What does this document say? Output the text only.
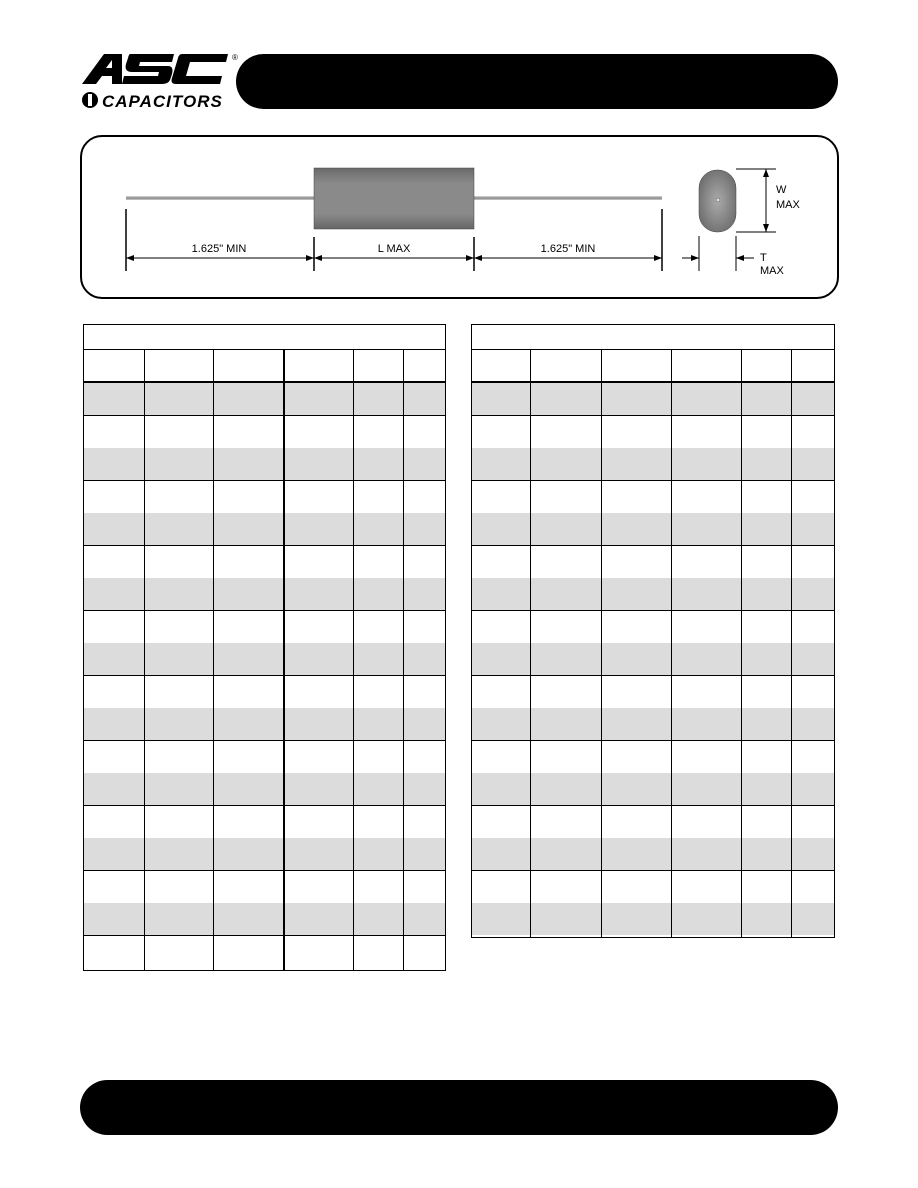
®
CAPACITORS
1.625" MIN	L MAX	1.625" MIN
W
MAX
T
MAX
